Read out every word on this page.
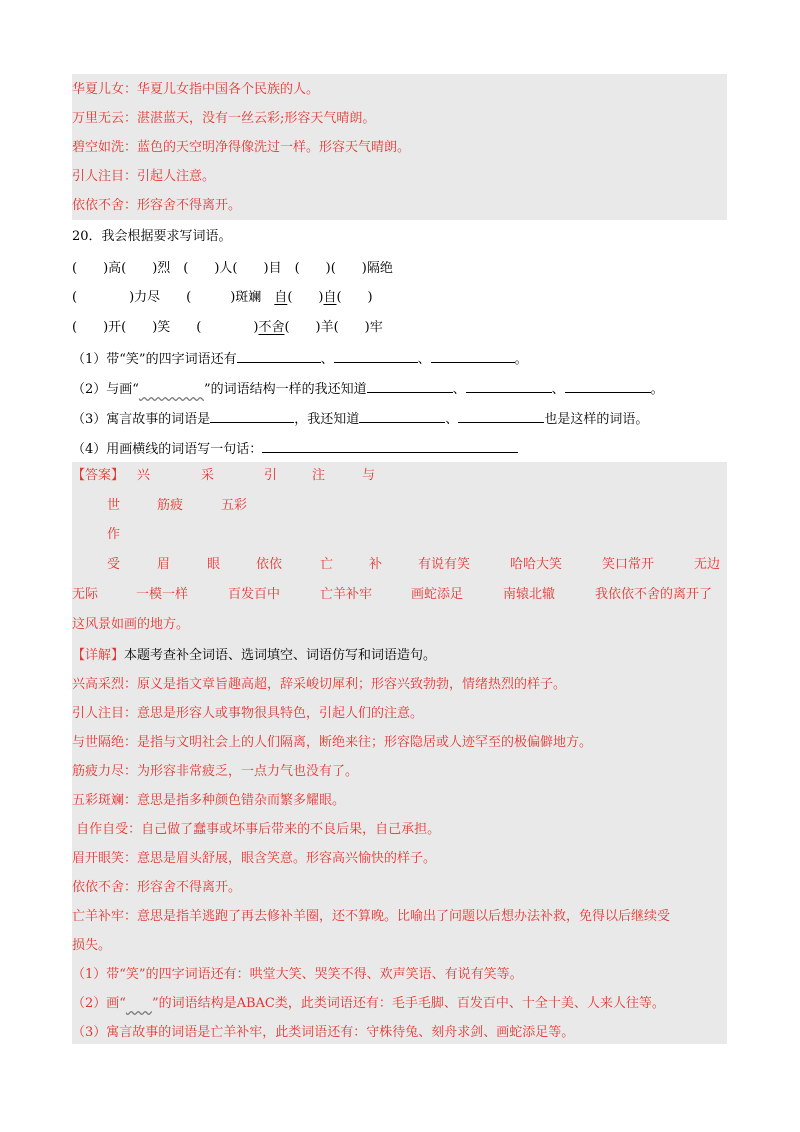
华夏儿女：华夏儿女指中国各个民族的人。
万里无云：湛湛蓝天，没有一丝云彩;形容天气晴朗。
碧空如洗：蓝色的天空明净得像洗过一样。形容天气晴朗。
引人注目：引起人注意。
依依不舍：形容舍不得离开。
20．我会根据要求写词语。
(　　)高(　　)烈　(　　)人(　　)目　(　　)(　　)隔绝
(　　　　)力尽　　(　　　)斑斓　自(　　)自(　　)
(　　)开(　　)笑　　(　　　　)不舍(　　)羊(　　)牢
（1）带“笑”的四字词语还有	、	、	。
（2）与画“　　　　　	”的词语结构一样的我还知道	、	、	。
（3）寓言故事的词语是	，我还知道	、	也是这样的词语。
（4）用画横线的词语写一句话：
【答案】 兴	采	引	注	与
世	筋疲	五彩
作
受	眉	眼	依依	亡	补	有说有笑	哈哈大笑	笑口常开	无边
无际	一模一样	百发百中	亡羊补牢	画蛇添足	南辕北辙	我依依不舍的离开了
这风景如画的地方。
【详解】本题考查补全词语、选词填空、词语仿写和词语造句。
兴高采烈：原义是指文章旨趣高超，辞采峻切犀利；形容兴致勃勃，情绪热烈的样子。
引人注目：意思是形容人或事物很具特色，引起人们的注意。
与世隔绝：是指与文明社会上的人们隔离，断绝来往；形容隐居或人迹罕至的极偏僻地方。
筋疲力尽：为形容非常疲乏，一点力气也没有了。
五彩斑斓：意思是指多种颜色错杂而繁多耀眼。
自作自受：自己做了蠢事或坏事后带来的不良后果，自己承担。
眉开眼笑：意思是眉头舒展，眼含笑意。形容高兴愉快的样子。
依依不舍：形容舍不得离开。
亡羊补牢：意思是指羊逃跑了再去修补羊圈，还不算晚。比喻出了问题以后想办法补救，免得以后继续受
损失。
（1）带“笑”的四字词语还有：哄堂大笑、哭笑不得、欢声笑语、有说有笑等。
（2）画“　　 ”的词语结构是ABAC类，此类词语还有：毛手毛脚、百发百中、十全十美、人来人往等。
（3）寓言故事的词语是亡羊补牢，此类词语还有：守株待兔、刻舟求剑、画蛇添足等。
